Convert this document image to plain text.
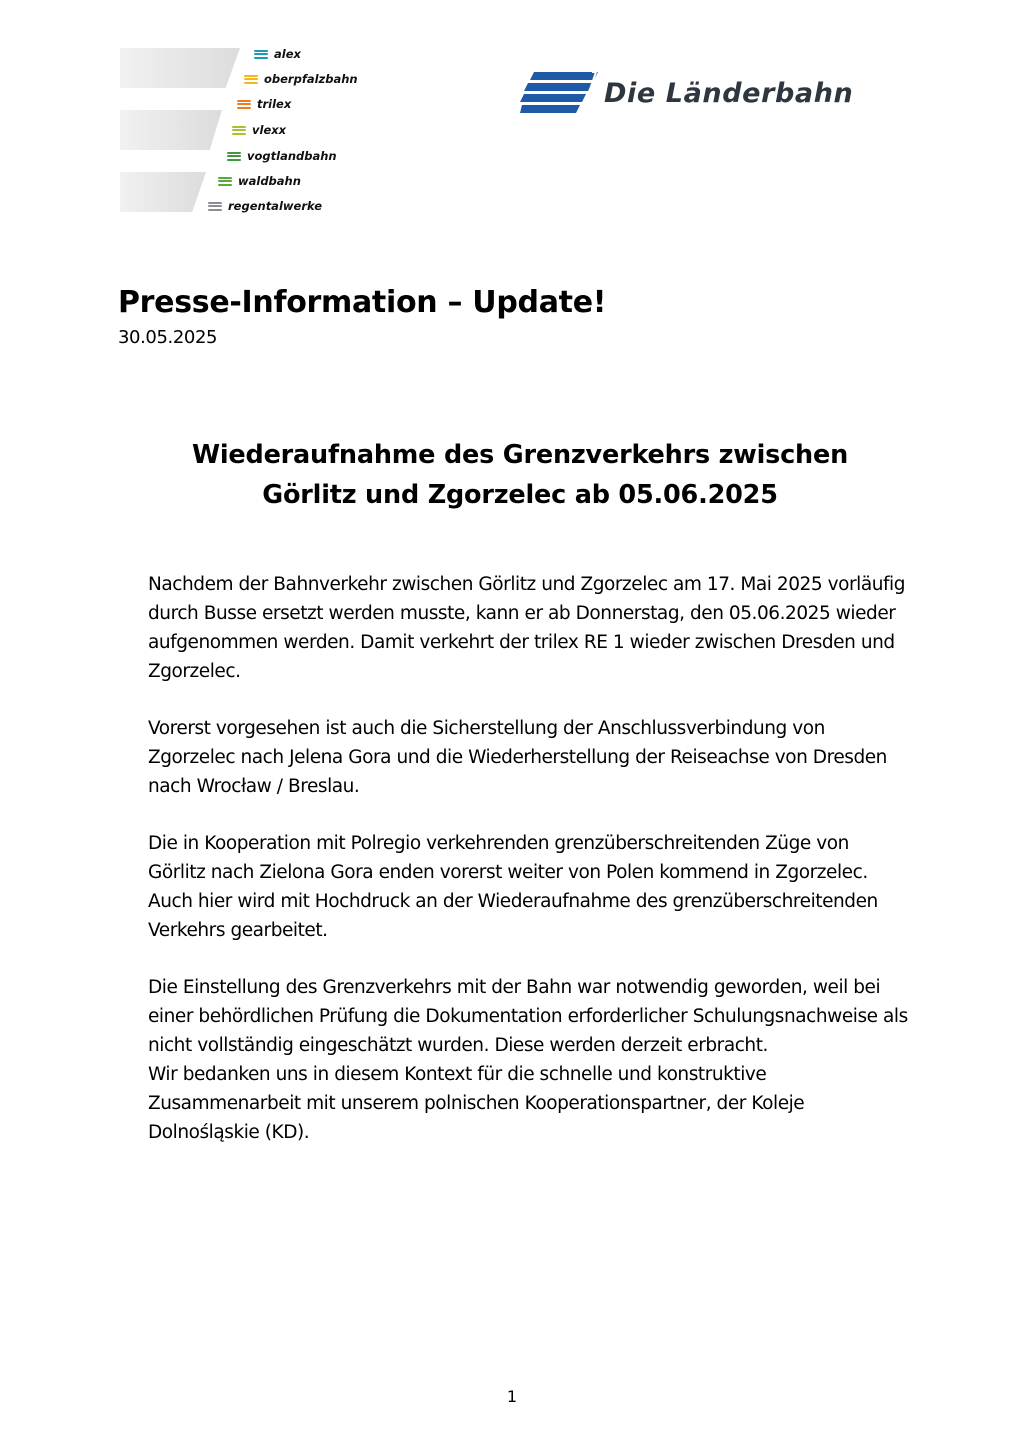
alex
oberpfalzbahn
trilex
vlexx
vogtlandbahn
waldbahn
regentalwerke
Die Länderbahn
Presse-Information – Update!
30.05.2025
Wiederaufnahme des Grenzverkehrs zwischen
Görlitz und Zgorzelec ab 05.06.2025

Nachdem der Bahnverkehr zwischen Görlitz und Zgorzelec am 17. Mai 2025 vorläufig
durch Busse ersetzt werden musste, kann er ab Donnerstag, den 05.06.2025 wieder
aufgenommen werden. Damit verkehrt der trilex RE 1 wieder zwischen Dresden und
Zgorzelec.

Vorerst vorgesehen ist auch die Sicherstellung der Anschlussverbindung von
Zgorzelec nach Jelena Gora und die Wiederherstellung der Reiseachse von Dresden
nach Wrocław / Breslau.

Die in Kooperation mit Polregio verkehrenden grenzüberschreitenden Züge von
Görlitz nach Zielona Gora enden vorerst weiter von Polen kommend in Zgorzelec.
Auch hier wird mit Hochdruck an der Wiederaufnahme des grenzüberschreitenden
Verkehrs gearbeitet.

Die Einstellung des Grenzverkehrs mit der Bahn war notwendig geworden, weil bei
einer behördlichen Prüfung die Dokumentation erforderlicher Schulungsnachweise als
nicht vollständig eingeschätzt wurden. Diese werden derzeit erbracht.
Wir bedanken uns in diesem Kontext für die schnelle und konstruktive
Zusammenarbeit mit unserem polnischen Kooperationspartner, der Koleje
Dolnośląskie (KD).

1
